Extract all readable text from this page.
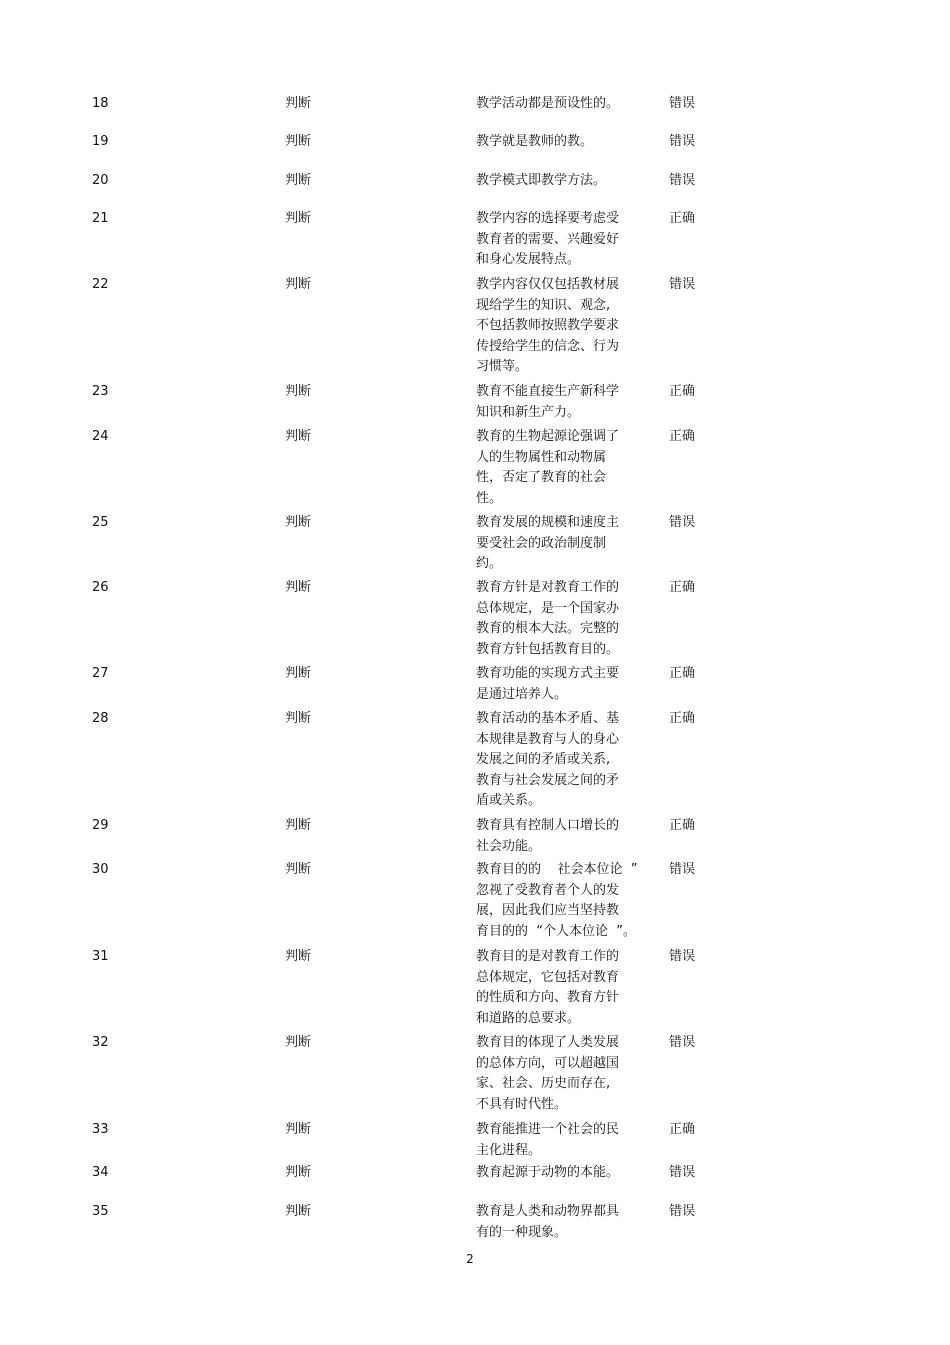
18	判断	教学活动都是预设性的。	错误
19	判断	教学就是教师的教。	错误
20	判断	教学模式即教学方法。	错误
21	判断	教学内容的选择要考虑受
教育者的需要、兴趣爱好
和身心发展特点。
正确
22	判断	教学内容仅仅包括教材展
现给学生的知识、观念,
不包括教师按照教学要求
传授给学生的信念、行为
习惯等。
错误
23	判断	教育不能直接生产新科学
知识和新生产力。
正确
24	判断	教育的生物起源论强调了
人的生物属性和动物属
性，否定了教育的社会
性。
正确
25	判断	教育发展的规模和速度主
要受社会的政治制度制
约。
错误
26	判断	教育方针是对教育工作的
总体规定，是一个国家办
教育的根本大法。完整的
教育方针包括教育目的。
正确
27	判断	教育功能的实现方式主要
是通过培养人。
正确
28	判断	教育活动的基本矛盾、基
本规律是教育与人的身心
发展之间的矛盾或关系,
教育与社会发展之间的矛
盾或关系。
正确
29	判断	教育具有控制人口增长的
社会功能。
正确
30	判断	教育目的的    社会本位论  ”
忽视了受教育者个人的发
展，因此我们应当坚持教
育目的的  “个人本位论  ”。
错误
31	判断	教育目的是对教育工作的
总体规定，它包括对教育
的性质和方向、教育方针
和道路的总要求。
错误
32	判断	教育目的体现了人类发展
的总体方向，可以超越国
家、社会、历史而存在,
不具有时代性。
错误
33	判断	教育能推进一个社会的民
主化进程。
正确
34	判断	教育起源于动物的本能。	错误
35	判断	教育是人类和动物界都具
有的一种现象。
错误
2
